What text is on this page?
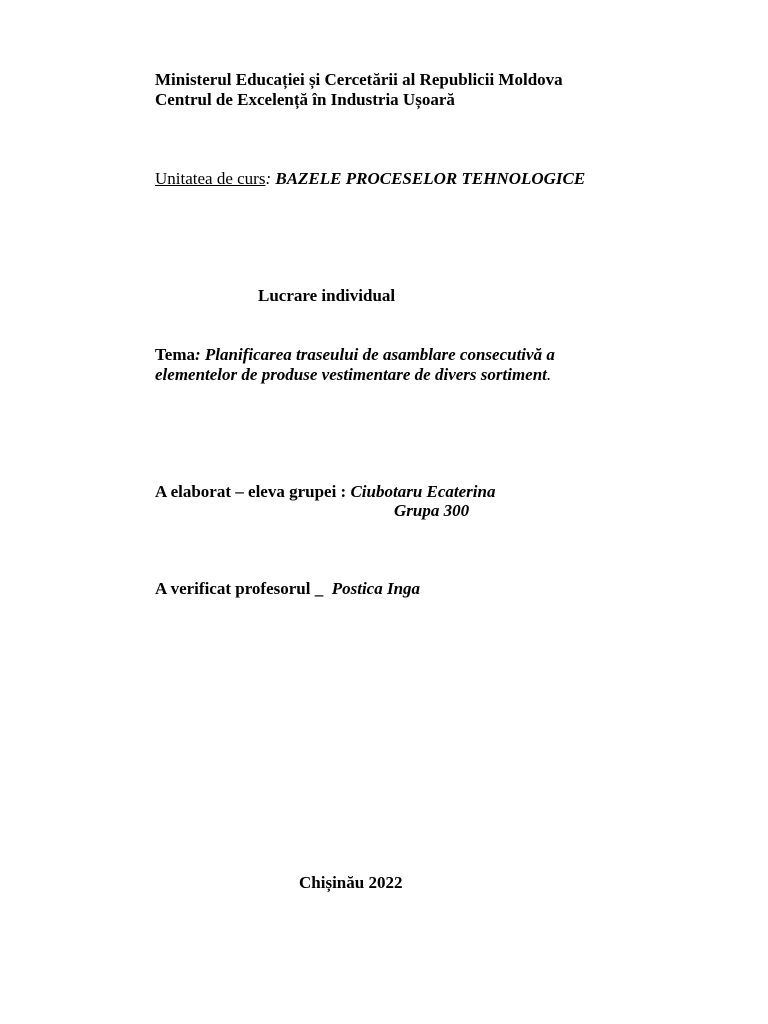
Ministerul Educației și Cercetării al Republicii Moldova
Centrul de Excelență în Industria Ușoară
Unitatea de curs: BAZELE PROCESELOR TEHNOLOGICE
Lucrare individual
Tema: Planificarea traseului de asamblare consecutivă a
elementelor de produse vestimentare de divers sortiment.
A elaborat – eleva grupei : Ciubotaru Ecaterina
Grupa 300
A verificat profesorul _  Postica Inga
Chișinău 2022
